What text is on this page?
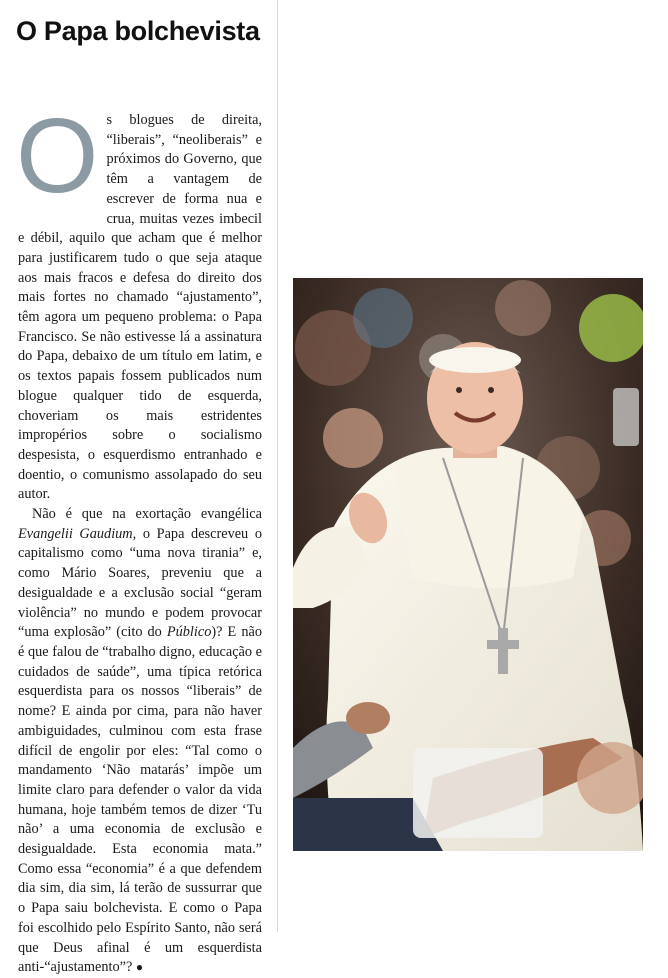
O Papa bolchevista

Os blogues de direita, “liberais”, “neoliberais” e próximos do Governo, que têm a vantagem de escrever de forma nua e crua, muitas vezes imbecil e débil, aquilo que acham que é melhor para justificarem tudo o que seja ataque aos mais fracos e defesa do direito dos mais fortes no chamado “ajustamento”, têm agora um pequeno problema: o Papa Francisco. Se não estivesse lá a assinatura do Papa, debaixo de um título em latim, e os textos papais fossem publicados num blogue qualquer tido de esquerda, choveriam os mais estridentes impropérios sobre o socialismo despesista, o esquerdismo entranhado e doentio, o comunismo assolapado do seu autor.

Não é que na exortação evangélica Evangelii Gaudium, o Papa descreveu o capitalismo como “uma nova tirania” e, como Mário Soares, preveniu que a desigualdade e a exclusão social “geram violência” no mundo e podem provocar “uma explosão” (cito do Público)? E não é que falou de “trabalho digno, educação e cuidados de saúde”, uma típica retórica esquerdista para os nossos “liberais” de nome? E ainda por cima, para não haver ambiguidades, culminou com esta frase difícil de engolir por eles: “Tal como o mandamento ‘Não matarás’ impõe um limite claro para defender o valor da vida humana, hoje também temos de dizer ‘Tu não’ a uma economia de exclusão e desigualdade. Esta economia mata.” Como essa “economia” é a que defendem dia sim, dia sim, lá terão de sussurrar que o Papa saiu bolchevista. E como o Papa foi escolhido pelo Espírito Santo, não será que Deus afinal é um esquerdista anti-“ajustamento”? ●
